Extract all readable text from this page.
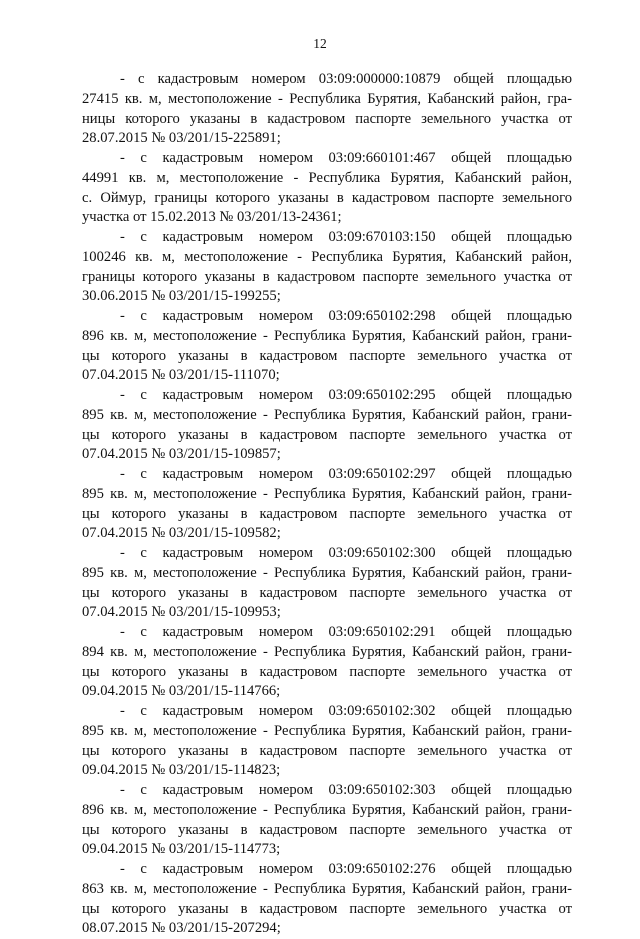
12
- с кадастровым номером 03:09:000000:10879 общей площадью
27415 кв. м, местоположение - Республика Бурятия, Кабанский район, гра-
ницы которого указаны в кадастровом паспорте земельного участка от
28.07.2015 № 03/201/15-225891;
- с кадастровым номером 03:09:660101:467 общей площадью
44991 кв. м, местоположение - Республика Бурятия, Кабанский район,
с. Оймур, границы которого указаны в кадастровом паспорте земельного
участка от 15.02.2013 № 03/201/13-24361;
- с кадастровым номером 03:09:670103:150 общей площадью
100246 кв. м, местоположение - Республика Бурятия, Кабанский район,
границы которого указаны в кадастровом паспорте земельного участка от
30.06.2015 № 03/201/15-199255;
- с кадастровым номером 03:09:650102:298 общей площадью
896 кв. м, местоположение - Республика Бурятия, Кабанский район, грани-
цы которого указаны в кадастровом паспорте земельного участка от
07.04.2015 № 03/201/15-111070;
- с кадастровым номером 03:09:650102:295 общей площадью
895 кв. м, местоположение - Республика Бурятия, Кабанский район, грани-
цы которого указаны в кадастровом паспорте земельного участка от
07.04.2015 № 03/201/15-109857;
- с кадастровым номером 03:09:650102:297 общей площадью
895 кв. м, местоположение - Республика Бурятия, Кабанский район, грани-
цы которого указаны в кадастровом паспорте земельного участка от
07.04.2015 № 03/201/15-109582;
- с кадастровым номером 03:09:650102:300 общей площадью
895 кв. м, местоположение - Республика Бурятия, Кабанский район, грани-
цы которого указаны в кадастровом паспорте земельного участка от
07.04.2015 № 03/201/15-109953;
- с кадастровым номером 03:09:650102:291 общей площадью
894 кв. м, местоположение - Республика Бурятия, Кабанский район, грани-
цы которого указаны в кадастровом паспорте земельного участка от
09.04.2015 № 03/201/15-114766;
- с кадастровым номером 03:09:650102:302 общей площадью
895 кв. м, местоположение - Республика Бурятия, Кабанский район, грани-
цы которого указаны в кадастровом паспорте земельного участка от
09.04.2015 № 03/201/15-114823;
- с кадастровым номером 03:09:650102:303 общей площадью
896 кв. м, местоположение - Республика Бурятия, Кабанский район, грани-
цы которого указаны в кадастровом паспорте земельного участка от
09.04.2015 № 03/201/15-114773;
- с кадастровым номером 03:09:650102:276 общей площадью
863 кв. м, местоположение - Республика Бурятия, Кабанский район, грани-
цы которого указаны в кадастровом паспорте земельного участка от
08.07.2015 № 03/201/15-207294;
